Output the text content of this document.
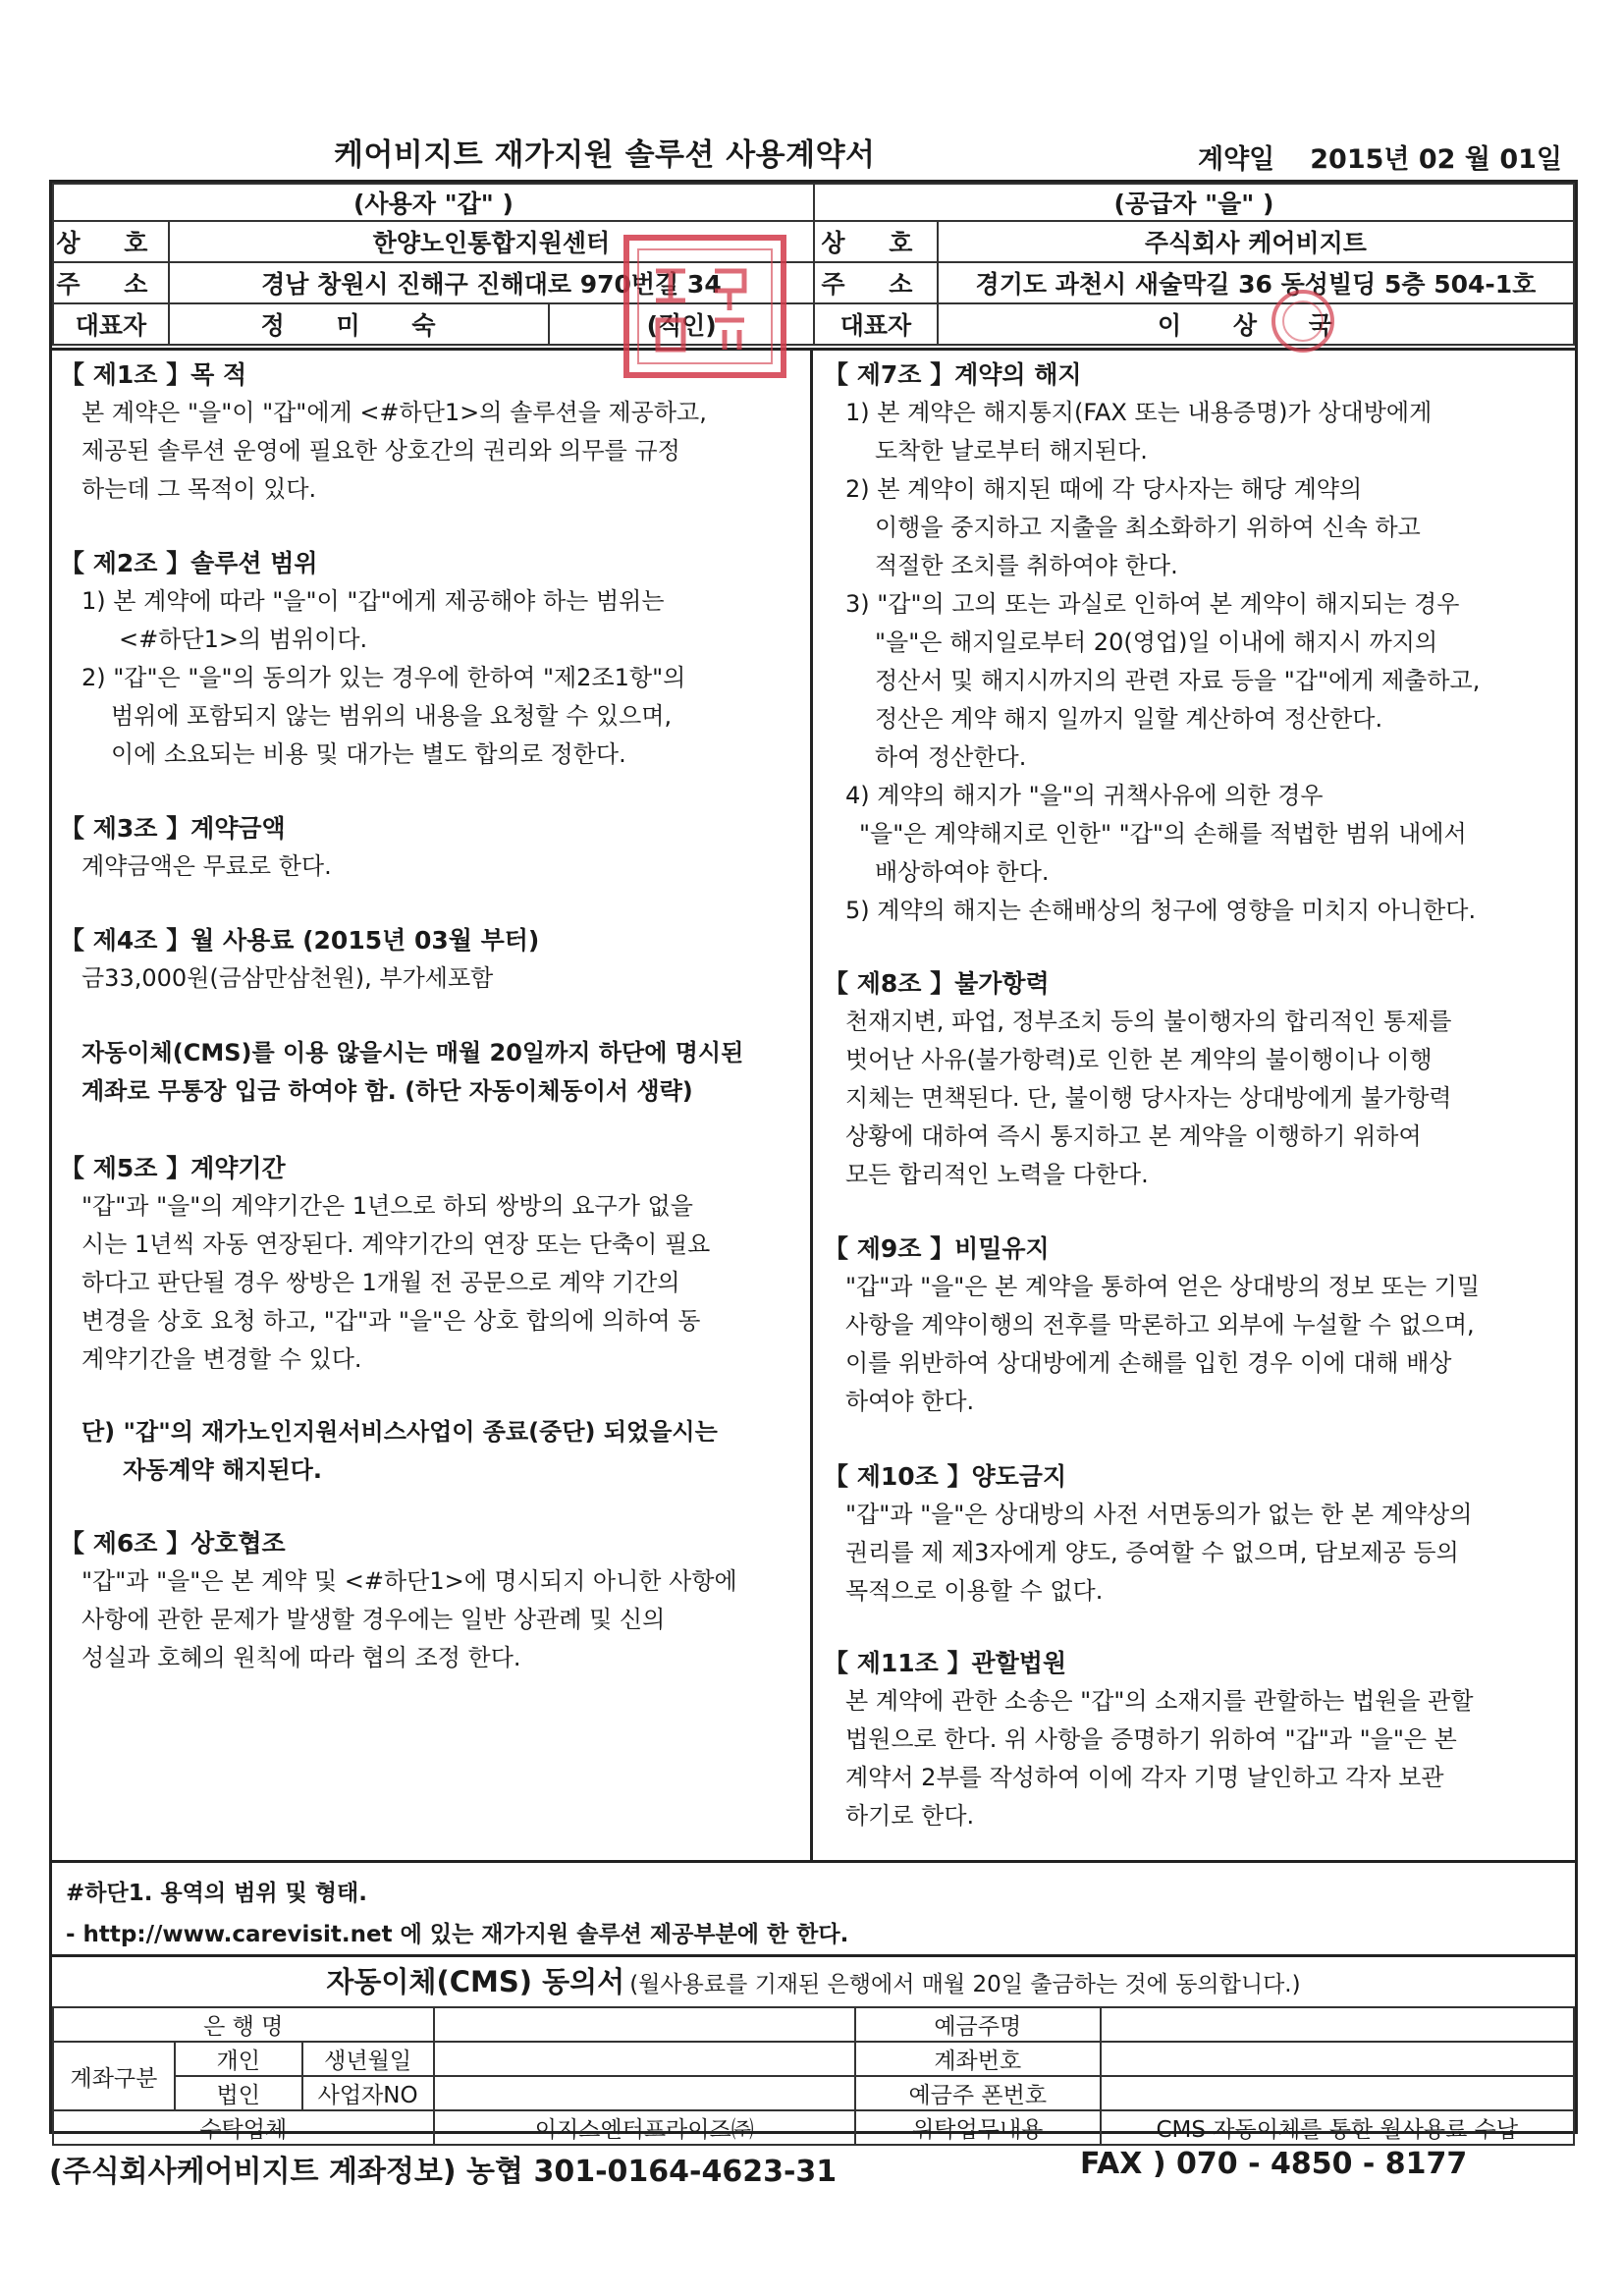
케어비지트 재가지원 솔루션 사용계약서	계약일 2015년 02 월 01일
(사용자 "갑" )			(공급자 "을" )	
상 호	한양노인통합지원센터		상 호	주식회사 케어비지트
주 소	경남 창원시 진해구 진해대로 970번길 34		주 소	경기도 과천시 새술막길 36 동성빌딩 5층 504-1호
대표자	정 미 숙	(직인)	대표자	이 상 국
【 제1조 】목 적
본 계약은 "을"이 "갑"에게 <#하단1>의 솔루션을 제공하고,
제공된 솔루션 운영에 필요한 상호간의 권리와 의무를 규정
하는데 그 목적이 있다.
【 제2조 】솔루션 범위
1) 본 계약에 따라 "을"이 "갑"에게 제공해야 하는 범위는
<#하단1>의 범위이다.
2) "갑"은 "을"의 동의가 있는 경우에 한하여 "제2조1항"의
범위에 포함되지 않는 범위의 내용을 요청할 수 있으며,
이에 소요되는 비용 및 대가는 별도 합의로 정한다.
【 제3조 】계약금액
계약금액은 무료로 한다.
【 제4조 】월 사용료 (2015년 03월 부터)
금33,000원(금삼만삼천원), 부가세포함
자동이체(CMS)를 이용 않을시는 매월 20일까지 하단에 명시된
계좌로 무통장 입금 하여야 함. (하단 자동이체동이서 생략)
【 제5조 】계약기간
"갑"과 "을"의 계약기간은 1년으로 하되 쌍방의 요구가 없을
시는 1년씩 자동 연장된다. 계약기간의 연장 또는 단축이 필요
하다고 판단될 경우 쌍방은 1개월 전 공문으로 계약 기간의
변경을 상호 요청 하고, "갑"과 "을"은 상호 합의에 의하여 동
계약기간을 변경할 수 있다.
단) "갑"의 재가노인지원서비스사업이 종료(중단) 되었을시는
자동계약 해지된다.
【 제6조 】상호협조
"갑"과 "을"은 본 계약 및 <#하단1>에 명시되지 아니한 사항에
사항에 관한 문제가 발생할 경우에는 일반 상관례 및 신의
성실과 호혜의 원칙에 따라 협의 조정 한다.
【 제7조 】계약의 해지
1) 본 계약은 해지통지(FAX 또는 내용증명)가 상대방에게
도착한 날로부터 해지된다.
2) 본 계약이 해지된 때에 각 당사자는 해당 계약의
이행을 중지하고 지출을 최소화하기 위하여 신속 하고
적절한 조치를 취하여야 한다.
3) "갑"의 고의 또는 과실로 인하여 본 계약이 해지되는 경우
"을"은 해지일로부터 20(영업)일 이내에 해지시 까지의
정산서 및 해지시까지의 관련 자료 등을 "갑"에게 제출하고,
정산은 계약 해지 일까지 일할 계산하여 정산한다.
하여 정산한다.
4) 계약의 해지가 "을"의 귀책사유에 의한 경우
"을"은 계약해지로 인한" "갑"의 손해를 적법한 범위 내에서
배상하여야 한다.
5) 계약의 해지는 손해배상의 청구에 영향을 미치지 아니한다.
【 제8조 】불가항력
천재지변, 파업, 정부조치 등의 불이행자의 합리적인 통제를
벗어난 사유(불가항력)로 인한 본 계약의 불이행이나 이행
지체는 면책된다. 단, 불이행 당사자는 상대방에게 불가항력
상황에 대하여 즉시 통지하고 본 계약을 이행하기 위하여
모든 합리적인 노력을 다한다.
【 제9조 】비밀유지
"갑"과 "을"은 본 계약을 통하여 얻은 상대방의 정보 또는 기밀
사항을 계약이행의 전후를 막론하고 외부에 누설할 수 없으며,
이를 위반하여 상대방에게 손해를 입힌 경우 이에 대해 배상
하여야 한다.
【 제10조 】양도금지
"갑"과 "을"은 상대방의 사전 서면동의가 없는 한 본 계약상의
권리를 제 제3자에게 양도, 증여할 수 없으며, 담보제공 등의
목적으로 이용할 수 없다.
【 제11조 】관할법원
본 계약에 관한 소송은 "갑"의 소재지를 관할하는 법원을 관할
법원으로 한다. 위 사항을 증명하기 위하여 "갑"과 "을"은 본
계약서 2부를 작성하여 이에 각자 기명 날인하고 각자 보관
하기로 한다.
#하단1. 용역의 범위 및 형태.
- http://www.carevisit.net 에 있는 재가지원 솔루션 제공부분에 한 한다.
자동이체(CMS) 동의서 (월사용료를 기재된 은행에서 매월 20일 출금하는 것에 동의합니다.)
은 행 명				예금주명	
계좌구분	개인	생년월일		계좌번호	
	법인	사업자NO		예금주 폰번호	
수탁업체			이지스엔터프라이즈㈜	위탁업무내용	CMS 자동이체를 통한 월사용료 수납
(주식회사케어비지트 계좌정보) 농협 301-0164-4623-31	FAX ) 070 - 4850 - 8177
